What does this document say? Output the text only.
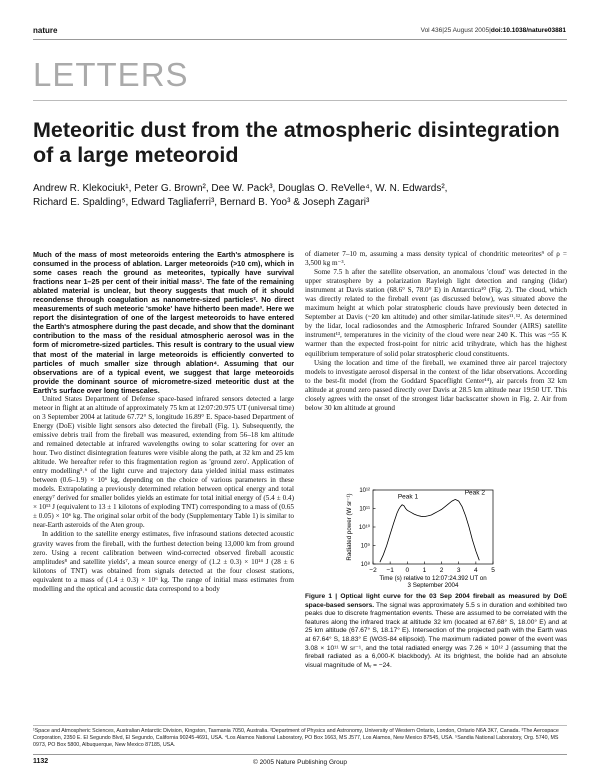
nature	Vol 436|25 August 2005|doi:10.1038/nature03881
LETTERS
Meteoritic dust from the atmospheric disintegration of a large meteoroid
Andrew R. Klekociuk¹, Peter G. Brown², Dee W. Pack³, Douglas O. ReVelle⁴, W. N. Edwards²,
Richard E. Spalding⁵, Edward Tagliaferri³, Bernard B. Yoo³ & Joseph Zagari³
Much of the mass of most meteoroids entering the Earth's atmosphere is consumed in the process of ablation. Larger meteoroids (>10 cm), which in some cases reach the ground as meteorites, typically have survival fractions near 1–25 per cent of their initial mass¹. The fate of the remaining ablated material is unclear, but theory suggests that much of it should recondense through coagulation as nanometre-sized particles². No direct measurements of such meteoric 'smoke' have hitherto been made³. Here we report the disintegration of one of the largest meteoroids to have entered the Earth's atmosphere during the past decade, and show that the dominant contribution to the mass of the residual atmospheric aerosol was in the form of micrometre-sized particles. This result is contrary to the usual view that most of the material in large meteoroids is efficiently converted to particles of much smaller size through ablation⁴. Assuming that our observations are of a typical event, we suggest that large meteoroids provide the dominant source of micrometre-sized meteoritic dust at the Earth's surface over long timescales.

United States Department of Defense space-based infrared sensors detected a large meteor in flight at an altitude of approximately 75 km at 12:07:20.975 UT (universal time) on 3 September 2004 at latitude 67.72° S, longitude 16.89° E. Space-based Department of Energy (DoE) visible light sensors also detected the fireball (Fig. 1). Subsequently, the emissive debris trail from the fireball was measured, extending from 56–18 km altitude and remained detectable at infrared wavelengths owing to solar scattering for over an hour. Two distinct disintegration features were visible along the path, at 32 km and 25 km altitude. We hereafter refer to this fragmentation region as 'ground zero'. Application of entry modelling⁵˒⁶ of the light curve and trajectory data yielded initial mass estimates between (0.6–1.9) × 10⁶ kg, depending on the choice of various parameters in these models. Extrapolating a previously determined relation between optical energy and total energy⁷ derived for smaller bolides yields an estimate for total initial energy of (5.4 ± 0.4) × 10¹³ J (equivalent to 13 ± 1 kilotons of exploding TNT) corresponding to a mass of (0.65 ± 0.05) × 10⁶ kg. The original solar orbit of the body (Supplementary Table 1) is similar to near-Earth asteroids of the Aten group.

In addition to the satellite energy estimates, five infrasound stations detected acoustic gravity waves from the fireball, with the furthest detection being 13,000 km from ground zero. Using a recent calibration between wind-corrected observed fireball acoustic amplitudes⁸ and satellite yields⁷, a mean source energy of (1.2 ± 0.3) × 10¹⁴ J (28 ± 6 kilotons of TNT) was obtained from signals detected at the four closest stations, equivalent to a mass of (1.4 ± 0.3) × 10⁶ kg. The range of initial mass estimates from modelling and the optical and acoustic data correspond to a body

of diameter 7–10 m, assuming a mass density typical of chondritic meteorites⁹ of ρ = 3,500 kg m⁻³.

Some 7.5 h after the satellite observation, an anomalous 'cloud' was detected in the upper stratosphere by a polarization Rayleigh light detection and ranging (lidar) instrument at Davis station (68.6° S, 78.0° E) in Antarctica¹⁰ (Fig. 2). The cloud, which was directly related to the fireball event (as discussed below), was situated above the maximum height at which polar stratospheric clouds have previously been detected in September at Davis (~20 km altitude) and other similar-latitude sites¹¹˒¹². As determined by the lidar, local radiosondes and the Atmospheric Infrared Sounder (AIRS) satellite instrument¹³, temperatures in the vicinity of the cloud were near 240 K. This was ~55 K warmer than the expected frost-point for nitric acid trihydrate, which has the highest equilibrium temperature of solid polar stratospheric cloud constituents.

Using the location and time of the fireball, we examined three air parcel trajectory models to investigate aerosol dispersal in the context of the lidar observations. According to the best-fit model (from the Goddard Spaceflight Center¹⁴), air parcels from 32 km altitude at ground zero passed directly over Davis at 28.5 km altitude near 19:50 UT. This closely agrees with the onset of the strongest lidar backscatter shown in Fig. 2. Air from below 30 km altitude at ground

−2 −1 0 1 2 3 4 5
10⁸
10⁹
10¹⁰
10¹¹
10¹²
Peak 1
Peak 2
Radiated power (W sr⁻¹)
Time (s) relative to 12:07:24.392 UT on
3 September 2004
Figure 1 | Optical light curve for the 03 Sep 2004 fireball as measured by DoE space-based sensors. The signal was approximately 5.5 s in duration and exhibited two peaks due to discrete fragmentation events. These are assumed to be correlated with the features along the infrared track at altitude 32 km (located at 67.68° S, 18.00° E) and at 25 km altitude (67.67° S, 18.17° E). Intersection of the projected path with the Earth was at 67.64° S, 18.83° E (WGS-84 ellipsoid). The maximum radiated power of the event was 3.08 × 10¹¹ W sr⁻¹, and the total radiated energy was 7.26 × 10¹² J (assuming that the fireball radiated as a 6,000-K blackbody). At its brightest, the bolide had an absolute visual magnitude of Mᵥ = −24.
¹Space and Atmospheric Sciences, Australian Antarctic Division, Kingston, Tasmania 7050, Australia. ²Department of Physics and Astronomy, University of Western Ontario, London, Ontario N6A 3K7, Canada. ³The Aerospace Corporation, 2350 E. El Segundo Blvd, El Segundo, California 90245-4691, USA. ⁴Los Alamos National Laboratory, PO Box 1663, MS J577, Los Alamos, New Mexico 87545, USA. ⁵Sandia National Laboratory, Org. 5740, MS 0973, PO Box 5800, Albuquerque, New Mexico 87185, USA.
1132	© 2005 Nature Publishing Group
